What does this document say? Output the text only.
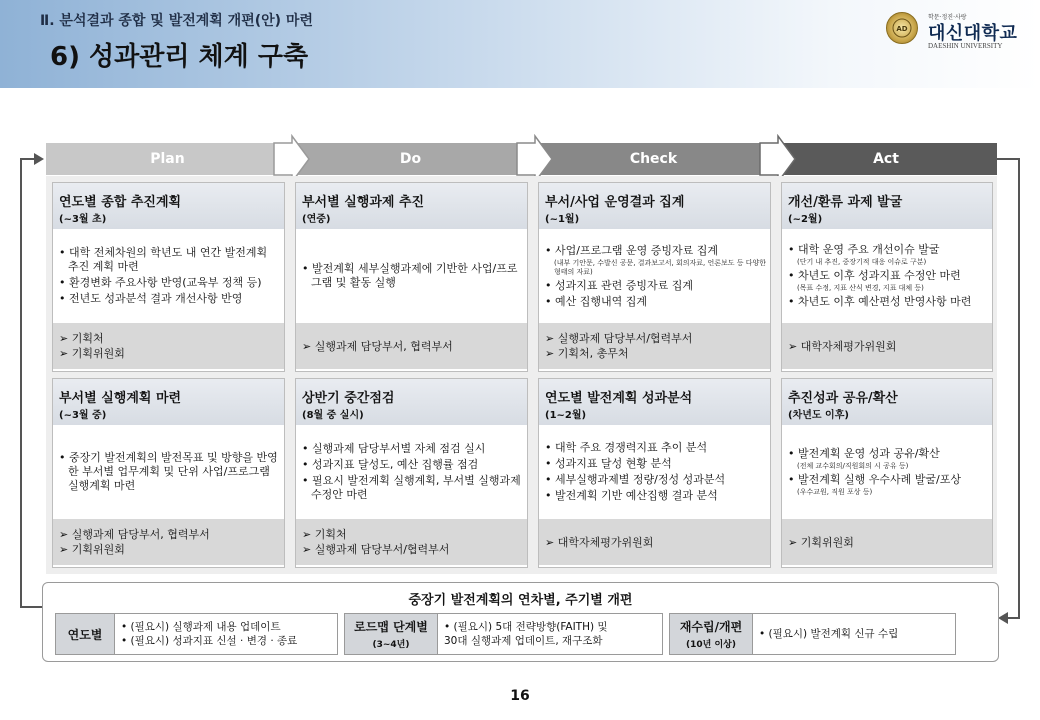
Ⅱ. 분석결과 종합 및 발전계획 개편(안) 마련
6) 성과관리 체계 구축
AD
학문·정진·사랑
대신대학교
DAESHIN UNIVERSITY
Plan	Do	Check	Act
연도별 종합 추진계획
(~3월 초)
• 대학 전체차원의 학년도 내 연간 발전계획 추진 계획 마련
• 환경변화 주요사항 반영(교육부 정책 등)
• 전년도 성과분석 결과 개선사항 반영
➢ 기획처
➢ 기획위원회
부서별 실행계획 마련
(~3월 중)
• 중장기 발전계획의 발전목표 및 방향을 반영한 부서별 업무계획 및 단위 사업/프로그램 실행계획 마련
➢ 실행과제 담당부서, 협력부서
➢ 기획위원회
부서별 실행과제 추진
(연중)
• 발전계획 세부실행과제에 기반한 사업/프로그램 및 활동 실행
➢ 실행과제 담당부서, 협력부서
상반기 중간점검
(8월 중 실시)
• 실행과제 담당부서별 자체 점검 실시
• 성과지표 달성도, 예산 집행률 점검
• 필요시 발전계획 실행계획, 부서별 실행과제 수정안 마련
➢ 기획처
➢ 실행과제 담당부서/협력부서
부서/사업 운영결과 집계
(~1월)
• 사업/프로그램 운영 증빙자료 집계
(내부 기안문, 수발신 공문, 결과보고서, 회의자료, 언론보도 등 다양한 형태의 자료)
• 성과지표 관련 증빙자료 집계
• 예산 집행내역 집계
➢ 실행과제 담당부서/협력부서
➢ 기획처, 총무처
연도별 발전계획 성과분석
(1~2월)
• 대학 주요 경쟁력지표 추이 분석
• 성과지표 달성 현황 분석
• 세부실행과제별 정량/정성 성과분석
• 발전계획 기반 예산집행 결과 분석
➢ 대학자체평가위원회
개선/환류 과제 발굴
(~2월)
• 대학 운영 주요 개선이슈 발굴
(단기 내 추진, 중장기적 대응 이슈로 구분)
• 차년도 이후 성과지표 수정안 마련
(목표 수정, 지표 산식 변경, 지표 대체 등)
• 차년도 이후 예산편성 반영사항 마련
➢ 대학자체평가위원회
추진성과 공유/확산
(차년도 이후)
• 발전계획 운영 성과 공유/확산
(전체 교수회의/직원회의 시 공유 등)
• 발전계획 실행 우수사례 발굴/포상
(우수교원, 직원 포상 등)
➢ 기획위원회
중장기 발전계획의 연차별, 주기별 개편
연도별
• (필요시) 실행과제 내용 업데이트
• (필요시) 성과지표 신설 · 변경 · 종료
로드맵 단계별
(3~4년)
• (필요시) 5대 전략방향(FAITH) 및
30대 실행과제 업데이트, 재구조화
재수립/개편
(10년 이상)
• (필요시) 발전계획 신규 수립
16
